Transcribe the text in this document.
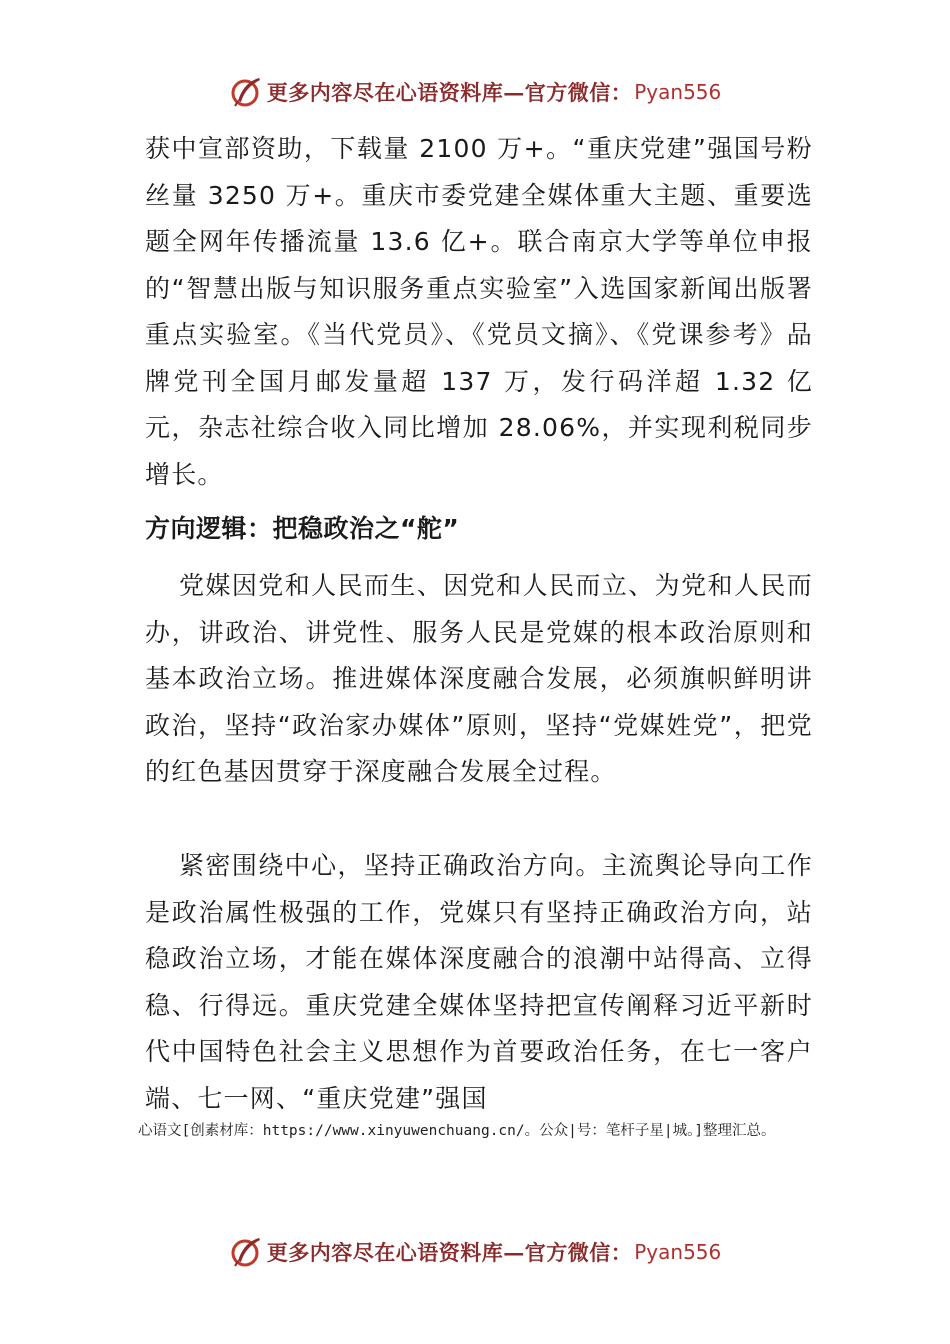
更多内容尽在心语资料库—官方微信： Pyan556

获中宣部资助，下载量 2100 万+。“重庆党建”强国号粉丝量 3250 万+。重庆市委党建全媒体重大主题、重要选题全网年传播流量 13.6 亿+。联合南京大学等单位申报的“智慧出版与知识服务重点实验室”入选国家新闻出版署重点实验室。《当代党员》、《党员文摘》、《党课参考》品牌党刊全国月邮发量超 137 万，发行码洋超 1.32 亿元，杂志社综合收入同比增加 28.06%，并实现利税同步增长。

方向逻辑：把稳政治之“舵”

党媒因党和人民而生、因党和人民而立、为党和人民而办，讲政治、讲党性、服务人民是党媒的根本政治原则和基本政治立场。推进媒体深度融合发展，必须旗帜鲜明讲政治，坚持“政治家办媒体”原则，坚持“党媒姓党”，把党的红色基因贯穿于深度融合发展全过程。

紧密围绕中心，坚持正确政治方向。主流舆论导向工作是政治属性极强的工作，党媒只有坚持正确政治方向，站稳政治立场，才能在媒体深度融合的浪潮中站得高、立得稳、行得远。重庆党建全媒体坚持把宣传阐释习近平新时代中国特色社会主义思想作为首要政治任务，在七一客户端、七一网、“重庆党建”强国

心语文[创素材库：https://www.xinyuwenchuang.cn/。公众|号：笔杆子星|城。]整理汇总。

更多内容尽在心语资料库—官方微信： Pyan556
